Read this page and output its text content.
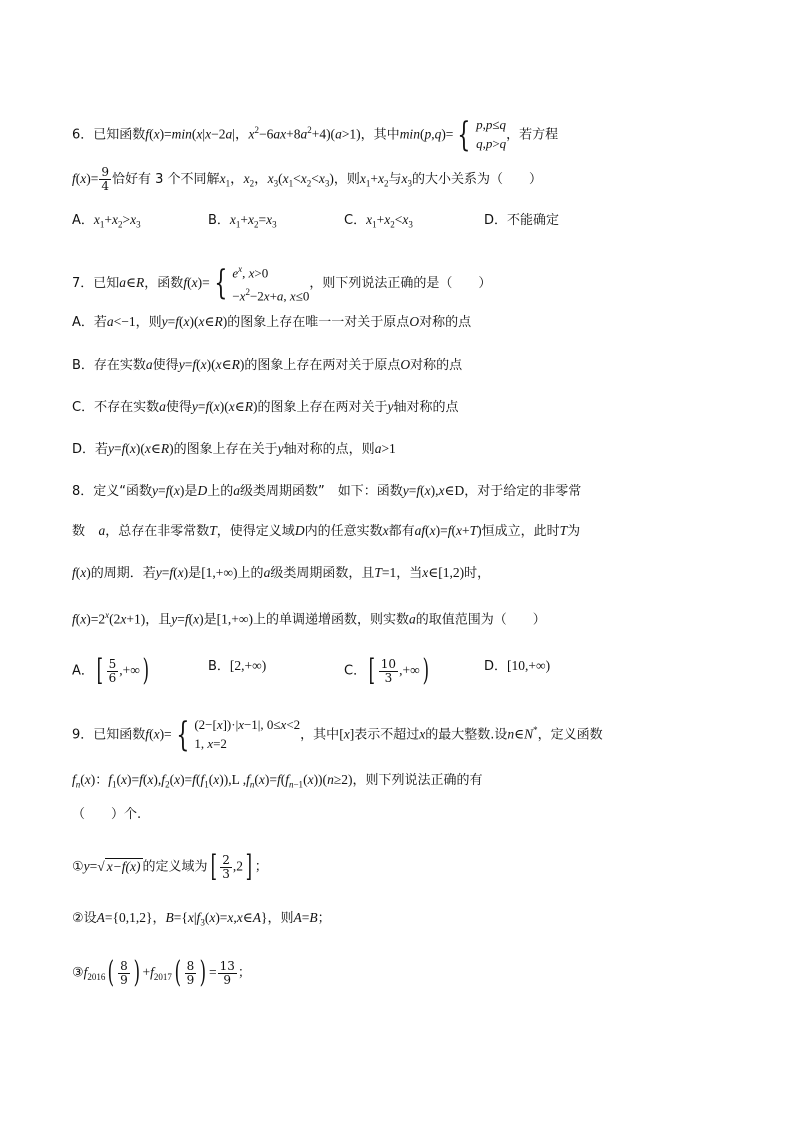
6．已知函数f(x)=min(x|x−2a|，$x^2-6ax+8a^2+4)(a>1)$，其中min(p,q)= { p,p≤q
q,p>q
，若方程
$f(x)= \frac{9}{4}$ 恰好有 3 个不同解$x_1$，$x_2$，$x_3(x_1<x_2<x_3)$，则$x_1+x_2$与$x_3$的大小关系为（　　）
A．$x_1+x_2>x_3$	B．$x_1+x_2=x_3$	C．$x_1+x_2<x_3$	D．不能确定
7．已知a∈R，函数f(x)= { $e^x$, x>0
$-x^2-2x+a$, x≤0
，则下列说法正确的是（　　）
A．若a<−1，则y=f(x)(x∈R)的图象上存在唯一一对关于原点O对称的点
B．存在实数a使得y=f(x)(x∈R)的图象上存在两对关于原点O对称的点
C．不存在实数a使得y=f(x)(x∈R)的图象上存在两对关于y轴对称的点
D．若y=f(x)(x∈R)的图象上存在关于y轴对称的点，则a>1
8．定义“函数y=f(x)是D上的a级类周期函数”　如下：函数y=f(x),x∈D，对于给定的非零常
数　 a，总存在非零常数T，使得定义域D内的任意实数x都有af(x)=f(x+T)恒成立，此时T为
f(x)的周期．若y=f(x)是[1,+∞)上的a级类周期函数，且T=1，当x∈[1,2)时，
$f(x)=2^x(2x+1)$，且y=f(x)是[1,+∞)上的单调递增函数，则实数a的取值范围为（　　）
A．[ $\frac{5}{6}$ ,+∞)	B．[2,+∞)	C．[ $\frac{10}{3}$ ,+∞)	D．[10,+∞)
9．已知函数f(x)= { (2−[x])·|x−1|, 0≤x<2
1, x=2
，其中[x]表示不超过x的最大整数.设n∈N*，定义函数
$f_n(x)$：$f_1(x)=f(x),f_2(x)=f(f_1(x)),L$ $,f_n(x)=f(f_{n-1}(x))(n\ge 2)$，则下列说法正确的有
（　　）个.
①y=√ x−f(x) 的定义域为[ $\frac{2}{3} ,2$] ；
②设A={0,1,2}，$B=\{x|f_3(x)=x,x\in A\}$，则A=B；
$③f_{2016}( \frac{8}{9}$ ) $+f_{2017}( \frac{8}{9}$ ) = $\frac{13}{9}$ ；
